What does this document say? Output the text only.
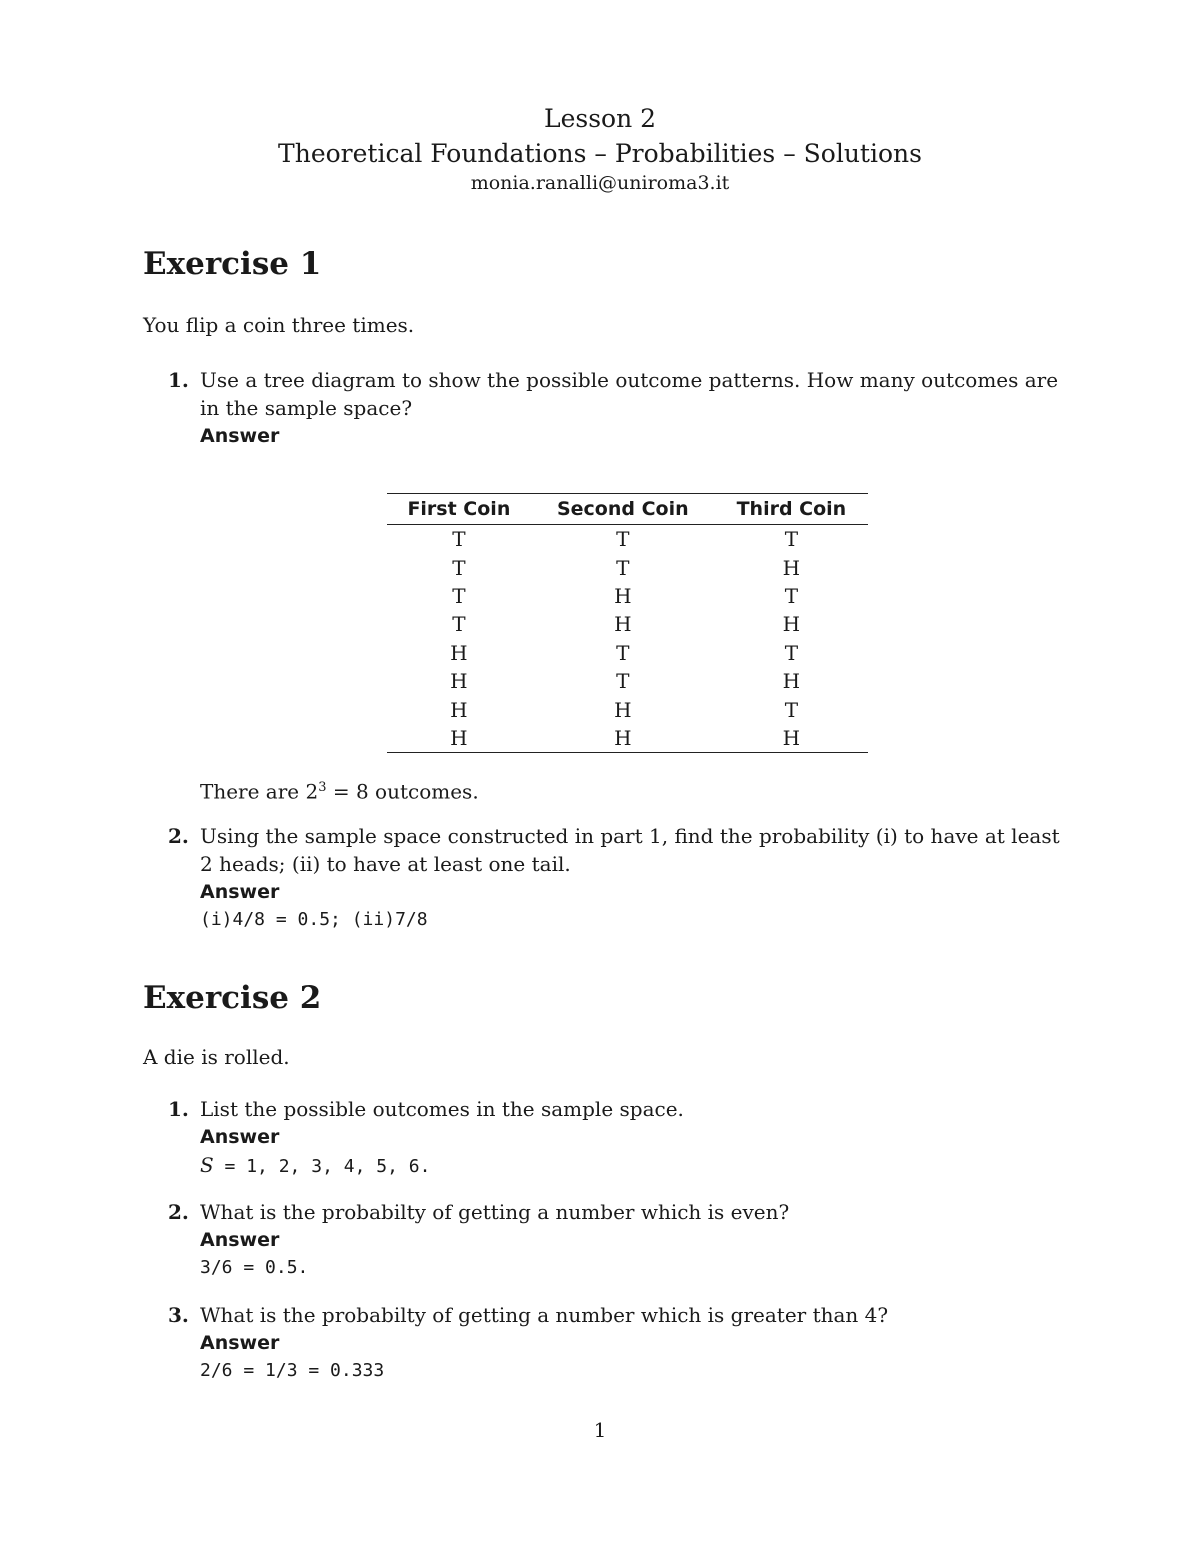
Lesson 2
Theoretical Foundations – Probabilities – Solutions
monia.ranalli@uniroma3.it
Exercise 1
You flip a coin three times.
1. Use a tree diagram to show the possible outcome patterns. How many outcomes are in the sample space?
Answer
First Coin	Second Coin	Third Coin
T	T	T
T	T	H
T	H	T
T	H	H
H	T	T
H	T	H
H	H	T
H	H	H
There are $2^3 = 8$ outcomes.
2. Using the sample space constructed in part 1, find the probability (i) to have at least 2 heads; (ii) to have at least one tail.
Answer
(i)4/8 = 0.5; (ii)7/8
Exercise 2
A die is rolled.
1. List the possible outcomes in the sample space.
Answer
S = 1, 2, 3, 4, 5, 6.
2. What is the probabilty of getting a number which is even?
Answer
3/6 = 0.5.
3. What is the probabilty of getting a number which is greater than 4?
Answer
2/6 = 1/3 = 0.333
1
